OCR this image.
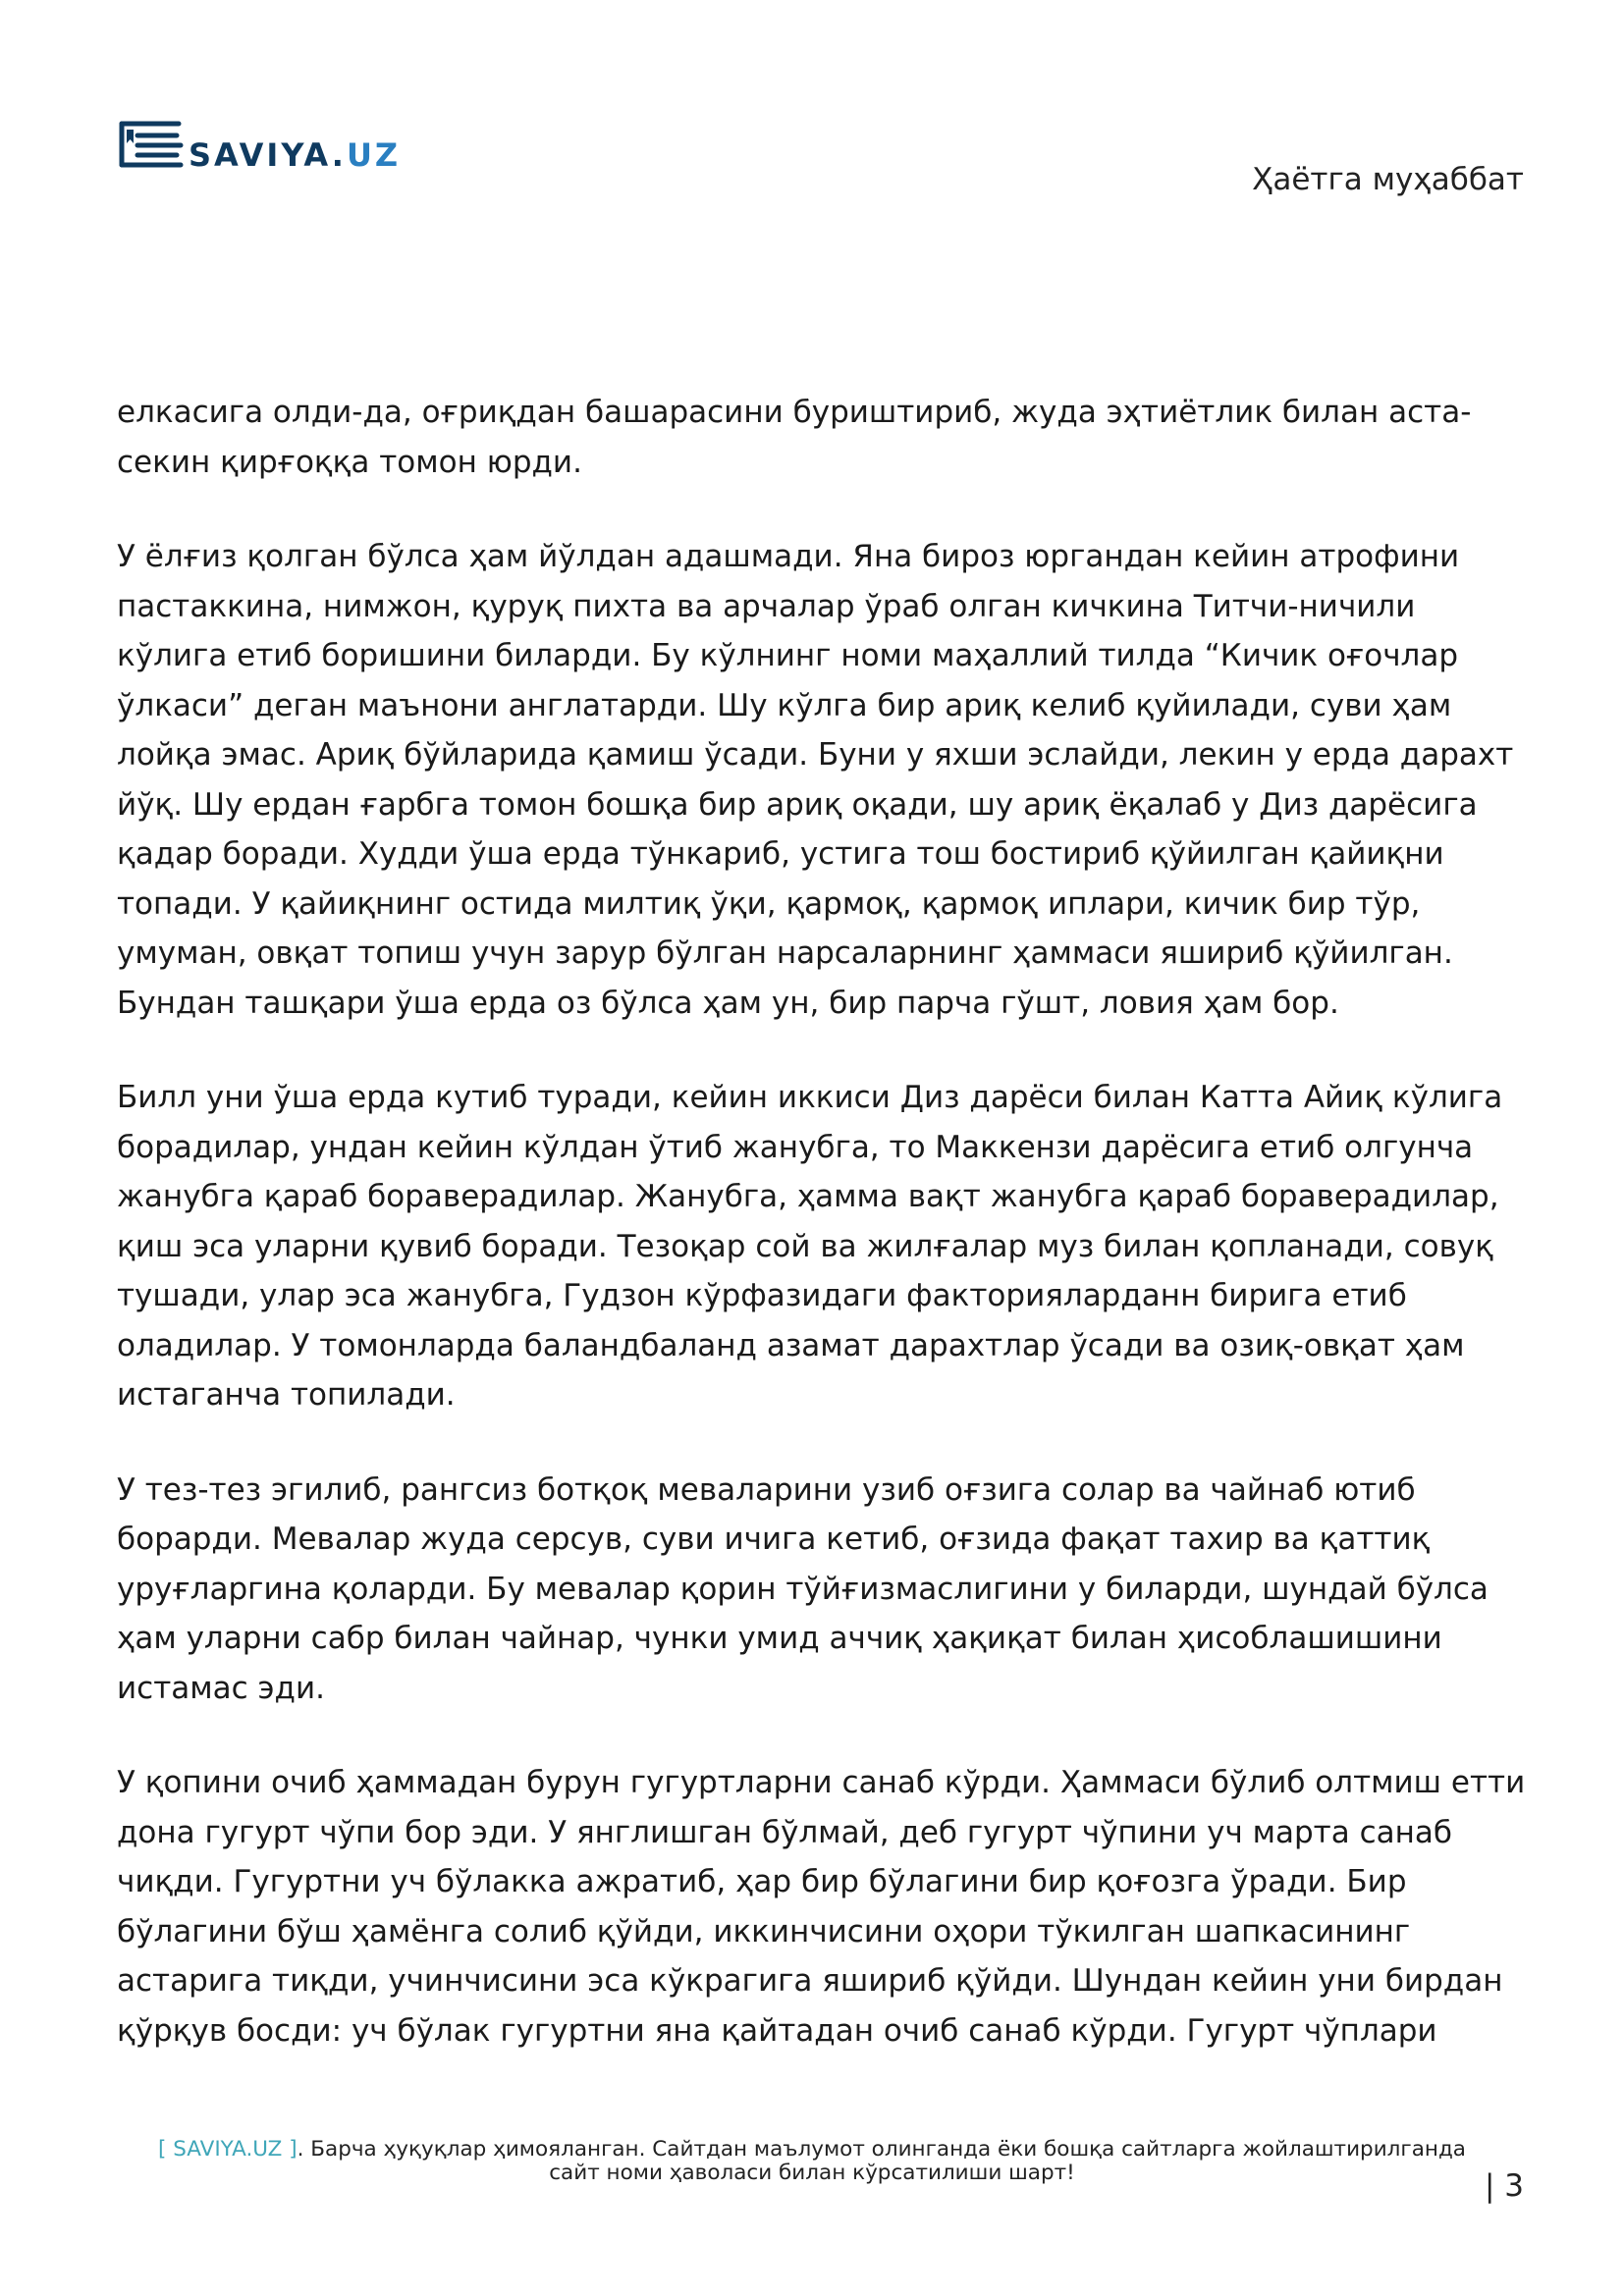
SAVIYA.UZ
Ҳаётга муҳаббат

елкасига олди-да, оғриқдан башарасини буриштириб, жуда эҳтиётлик билан аста-секин қирғоққа томон юрди.

У ёлғиз қолган бўлса ҳам йўлдан адашмади. Яна бироз юргандан кейин атрофини пастаккина, нимжон, қуруқ пихта ва арчалар ўраб олган кичкина Титчи-ничили кўлига етиб боришини биларди. Бу кўлнинг номи маҳаллий тилда “Кичик оғочлар ўлкаси” деган маънони англатарди. Шу кўлга бир ариқ келиб қуйилади, суви ҳам лойқа эмас. Ариқ бўйларида қамиш ўсади. Буни у яхши эслайди, лекин у ерда дарахт йўқ. Шу ердан ғарбга томон бошқа бир ариқ оқади, шу ариқ ёқалаб у Диз дарёсига қадар боради. Худди ўша ерда тўнкариб, устига тош бостириб қўйилган қайиқни топади. У қайиқнинг остида милтиқ ўқи, қармоқ, қармоқ иплари, кичик бир тўр, умуман, овқат топиш учун зарур бўлган нарсаларнинг ҳаммаси яшириб қўйилган. Бундан ташқари ўша ерда оз бўлса ҳам ун, бир парча гўшт, ловия ҳам бор.

Билл уни ўша ерда кутиб туради, кейин иккиси Диз дарёси билан Катта Айиқ кўлига борадилар, ундан кейин кўлдан ўтиб жанубга, то Маккензи дарёсига етиб олгунча жанубга қараб бораверадилар. Жанубга, ҳамма вақт жанубга қараб бораверадилар, қиш эса уларни қувиб боради. Тезоқар сой ва жилғалар муз билан қопланади, совуқ тушади, улар эса жанубга, Гудзон кўрфазидаги факторияларданн бирига етиб оладилар. У томонларда баландбаланд азамат дарахтлар ўсади ва озиқ-овқат ҳам истаганча топилади.

У тез-тез эгилиб, рангсиз ботқоқ меваларини узиб оғзига солар ва чайнаб ютиб борарди. Мевалар жуда серсув, суви ичига кетиб, оғзида фақат тахир ва қаттиқ уруғларгина қоларди. Бу мевалар қорин тўйғизмаслигини у биларди, шундай бўлса ҳам уларни сабр билан чайнар, чунки умид аччиқ ҳақиқат билан ҳисоблашишини истамас эди.

У қопини очиб ҳаммадан бурун гугуртларни санаб кўрди. Ҳаммаси бўлиб олтмиш етти дона гугурт чўпи бор эди. У янглишган бўлмай, деб гугурт чўпини уч марта санаб чиқди. Гугуртни уч бўлакка ажратиб, ҳар бир бўлагини бир қоғозга ўради. Бир бўлагини бўш ҳамёнга солиб қўйди, иккинчисини оҳори тўкилган шапкасининг астарига тиқди, учинчисини эса кўкрагига яшириб қўйди. Шундан кейин уни бирдан қўрқув босди: уч бўлак гугуртни яна қайтадан очиб санаб кўрди. Гугурт чўплари

[ SAVIYA.UZ ]. Барча ҳуқуқлар ҳимояланган. Сайтдан маълумот олинганда ёки бошқа сайтларга жойлаштирилганда
сайт номи ҳаволаси билан кўрсатилиши шарт!	| 3
